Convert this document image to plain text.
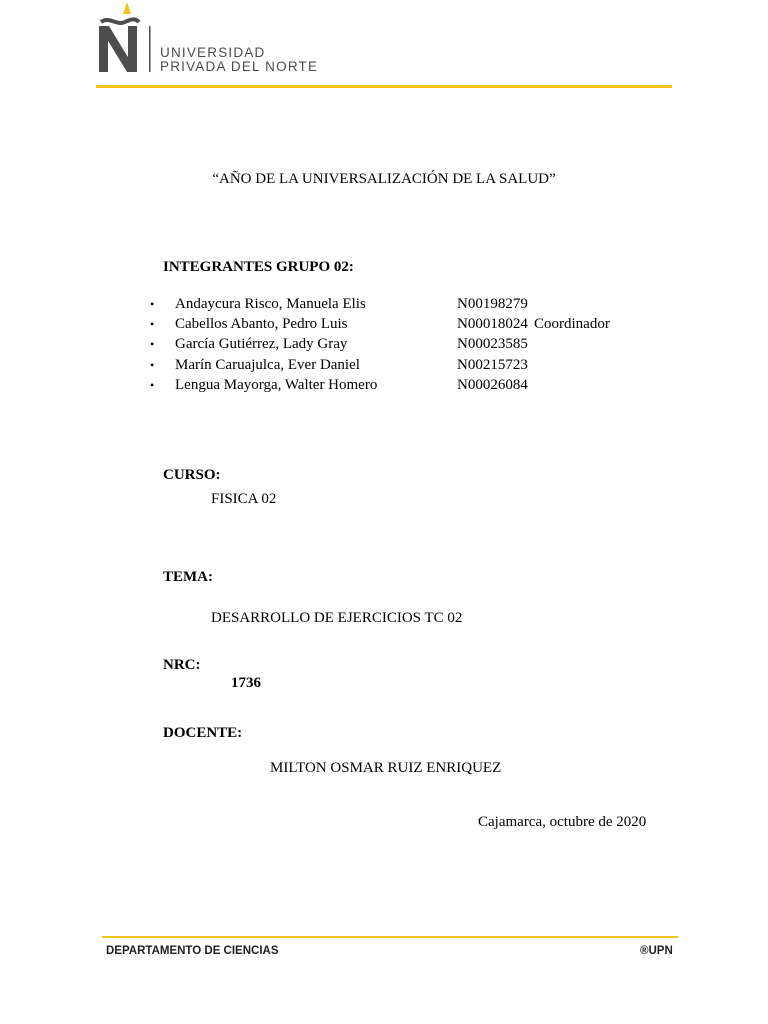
UNIVERSIDAD
PRIVADA DEL NORTE
“AÑO DE LA UNIVERSALIZACIÓN DE LA SALUD”
INTEGRANTES GRUPO 02:
• Andaycura Risco, Manuela Elis	N00198279
• Cabellos Abanto, Pedro Luis	N00018024 Coordinador
• García Gutiérrez, Lady Gray	N00023585
• Marín Caruajulca, Ever Daniel	N00215723
• Lengua Mayorga, Walter Homero	N00026084
CURSO:
FISICA 02
TEMA:
DESARROLLO DE EJERCICIOS TC 02
NRC:
1736
DOCENTE:
MILTON OSMAR RUIZ ENRIQUEZ
Cajamarca, octubre de 2020
DEPARTAMENTO DE CIENCIAS	®UPN
